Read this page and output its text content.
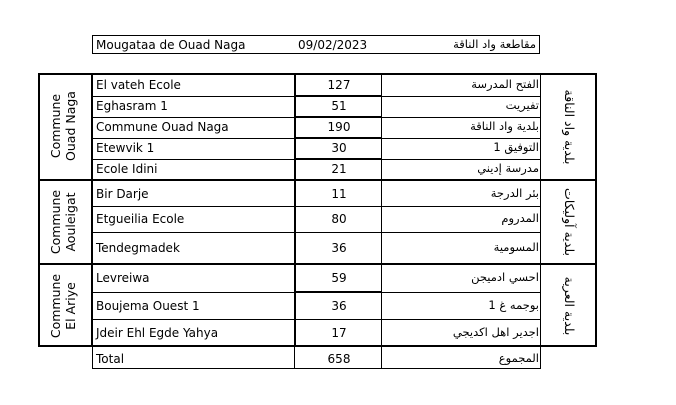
Mougataa de Ouad Naga	09/02/2023	مقاطعة واد الناقة
Commune Ouad Naga	بلدية واد الناقة
El vateh Ecole	127	الفتح المدرسة
Eghasram 1	51	تفيريت
Commune Ouad Naga	190	بلدية واد الناقة
Etewvik 1	30	التوفيق 1
Ecole Idini	21	مدرسة إديني
Commune Aouleigat	بلدية آوليكات
Bir Darje	11	بئر الدرجة
Etgueilia Ecole	80	المدروم
Tendegmadek	36	المسومية
Commune El Ariye	بلدية العرية
Levreiwa	59	احسي ادميجن
Boujema Ouest 1	36	بوجمه غ 1
Jdeir Ehl Egde Yahya	17	اجدير اهل اكديجي
Total	658	المجموع
